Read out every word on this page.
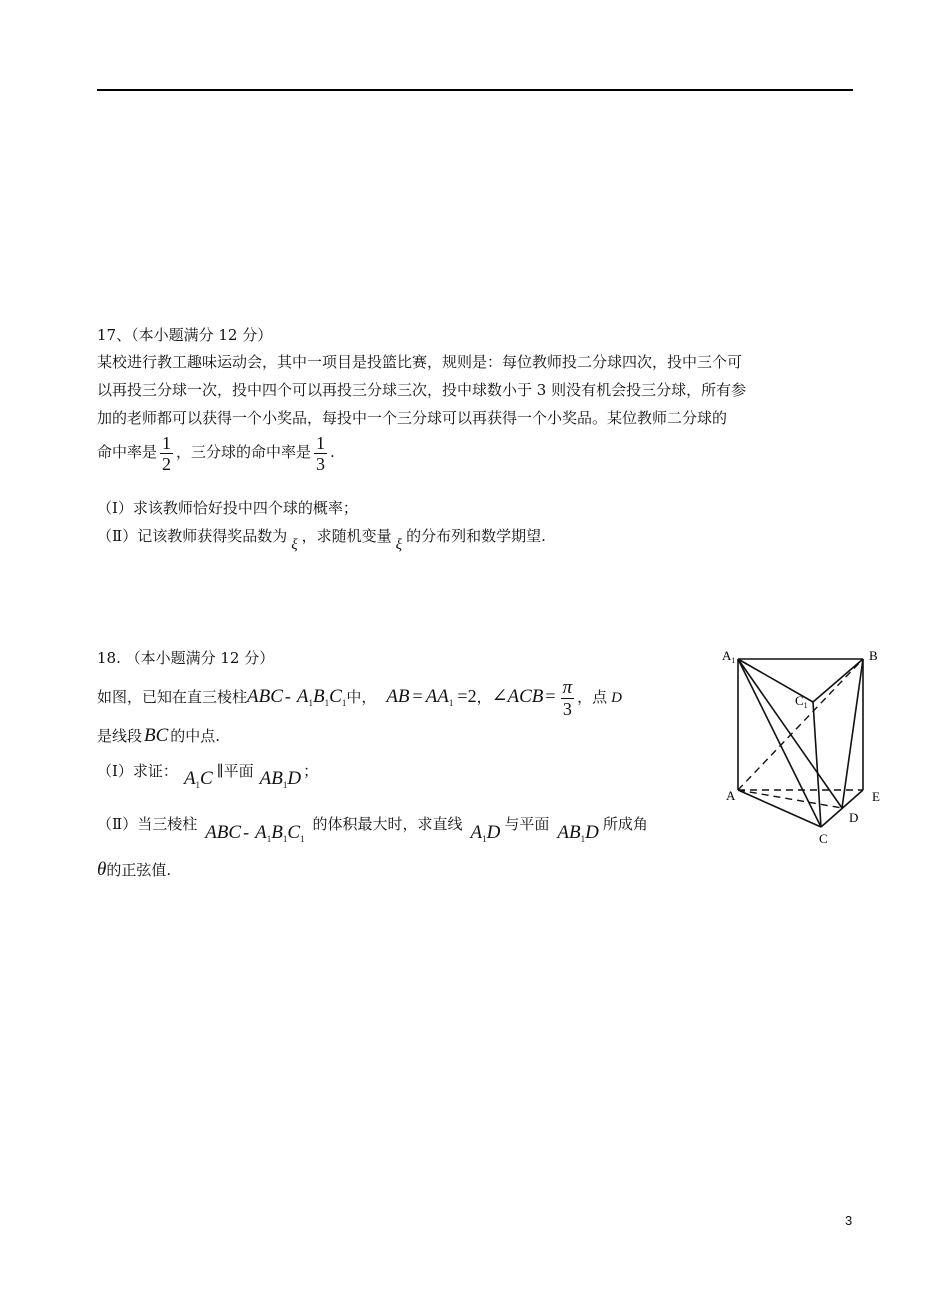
17、（本小题满分 12 分）
某校进行教工趣味运动会，其中一项目是投篮比赛，规则是：每位教师投二分球四次，投中三个可
以再投三分球一次，投中四个可以再投三分球三次，投中球数小于 3 则没有机会投三分球，所有参
加的老师都可以获得一个小奖品，每投中一个三分球可以再获得一个小奖品。某位教师二分球的
命中率是 $\frac{1}{2}$ ，三分球的命中率是 $\frac{1}{3}$ .
（Ⅰ）求该教师恰好投中四个球的概率；
（Ⅱ）记该教师获得奖品数为 ξ ，求随机变量 ξ 的分布列和数学期望.
18. （本小题满分 12 分）
如图，已知在直三棱柱ABC - $A_1B_1C_1$中， AB = $AA_1 =2$，∠ACB = $\frac{\pi}{3}$ ，点 D
是线段 BC 的中点.
（Ⅰ）求证： $A_1C$ ∥平面 $AB_1D$ ；
（Ⅱ）当三棱柱 ABC - $A_1B_1C_1$的体积最大时，求直线 $A_1D$ 与平面 $AB_1D$ 所成角
θ的正弦值.
$A_1$	B
$C_1$
A	E
D
C
3
